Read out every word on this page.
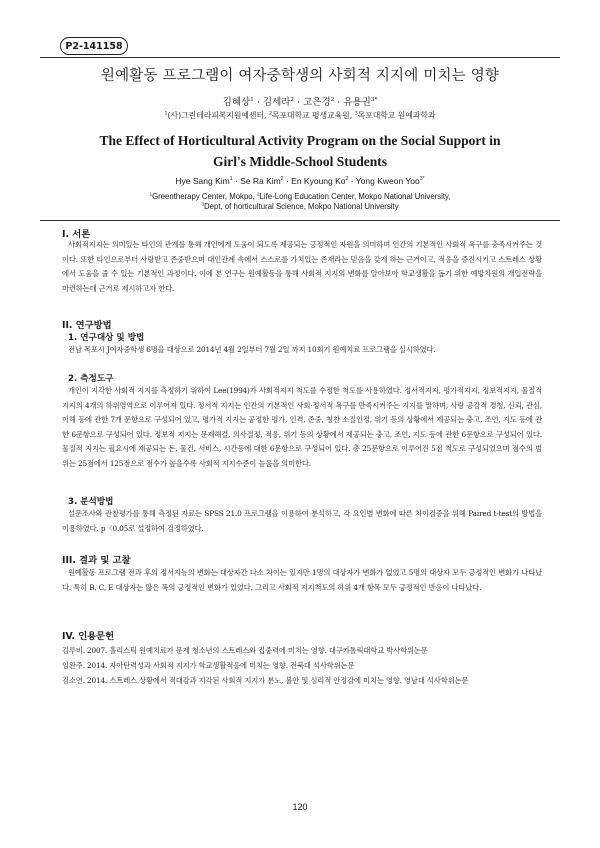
P2-141158
원예활동 프로그램이 여자중학생의 사회적 지지에 미치는 영향
김혜상$^1$ · 김세라$^2$ · 고은경$^2$ · 유용권$^{3*}$
$^1$(사)그린테라피복지원예센터, $^2$목포대학교 평생교육원, $^3$목포대학교 원예과학과
The Effect of Horticultural Activity Program on the Social Support in
Girl's Middle-School Students
Hye Sang Kim$^1$ · Se Ra Kim$^2$ · En Kyoung $Ko^2$ · Yong Kweon Yoo$^{3*}$
$^1$Greentherapy Center, Mokpo, $^2$Life-Long Education Center, Mokpo National University,
$^3$Dept, of horticultural Science, Mokpo National University
I. 서론
사회적지지는 의미있는 타인의 관계를 통해 개인에게 도움이 되도록 제공되는 긍정적인 자원을 의미하며 인간의 기본적인 사회적 욕구를 충족시켜주는 것이다. 또한 타인으로부터 사랑받고 존중받으며 대인관계 속에서 스스로를 가치있는 존재라는 믿음을 갖게 하는 근거이고, 적응을 증진시키고 스트레스 상황에서 도움을 줄 수 있는 기본적인 과정이다. 이에 본 연구는 원예활동을 통해 사회적 지지의 변화를 알아보아 학교생활을 돕기 위한 예방차원의 개입전략을 마련하는데 근거로 제시하고자 한다.
II. 연구방법
1. 연구대상 및 방법
전남 목포시 J여자중학생 6명을 대상으로 2014년 4월 2일부터 7월 2일 까지 10회기 원예치료 프로그램을 실시하였다.
2. 측정도구
개인이 지각한 사회적 지지를 측정하기 위하여 Lee(1994)가 사회적지지 척도를 수정한 척도를 사용하였다. 정서적지지, 평가적지지, 정보적지지, 물질적지지의 4개의 하위영역으로 이루어져 있다. 정서적 지지는 인간의 기본적인 사회·정서적 욕구를 만족시켜주는 지지를 말하며, 사랑 공감적 경청, 신뢰, 관심, 이해 등에 관한 7개 문항으로 구성되어 있고, 평가적 지지는 공정한 평가, 인격, 존중, 칭찬 소질인정, 위기 등의 상황에서 제공되는 충고, 조언, 지도 등에 관한 6문항으로 구성되어 있다. 정보적 지지는 문제해결, 의사결정, 적응, 위기 등의 상황에서 제공되는 충고, 조언, 지도 등에 관한 6문항으로 구성되어 있다. 물질적 지지는 필요시에 제공되는 돈, 물건, 서비스, 시간등에 대한 6문항으로 구성되어 있다. 총 25문항으로 이루어진 5점 척도로 구성되었으며 점수의 범위는 25점에서 125점으로 점수가 높을수록 사회적 지지수준이 높음을 의미한다.
3. 분석방법
설문조사와 관찰평가를 통해 측정된 자료는 SPSS 21.0 프로그램을 이용하여 분석하고, 각 요인별 변화에 따른 차이검증을 위해 Paired t-test의 방법을 이용하였다. p〈0.05로 설정하여 검정하였다.
III. 결과 및 고찰
원예활동 프로그램 전과 후의 정서지능의 변화는 대상자간 다소 차이는 있지만 1명의 대상자가 변화가 없었고 5명의 대상자 모두 긍정적인 변화가 나타났다. 특히 B, C, E 대상자는 많은 폭의 긍정적인 변화가 있었다. 그리고 사회적 지지척도의 하위 4개 항목 모두 긍정적인 반응이 나타났다.
IV. 인용문헌
김루비. 2007. 홀리스틱 원예치료가 문제 청소년의 스트레스와 집중력에 미치는 영향. 대구카톨릭대학교 박사학위논문
임완주. 2014. 자아탄력성과 사회적 지지가 학교생활적응에 미치는 영향. 전북대 석사학위논문
김소연. 2014. 스트레스 상황에서 적대감과 지각된 사회적 지지가 분노, 불안 및 심리적 안정감에 미치는 영향. 영남대 석사학위논문
120
